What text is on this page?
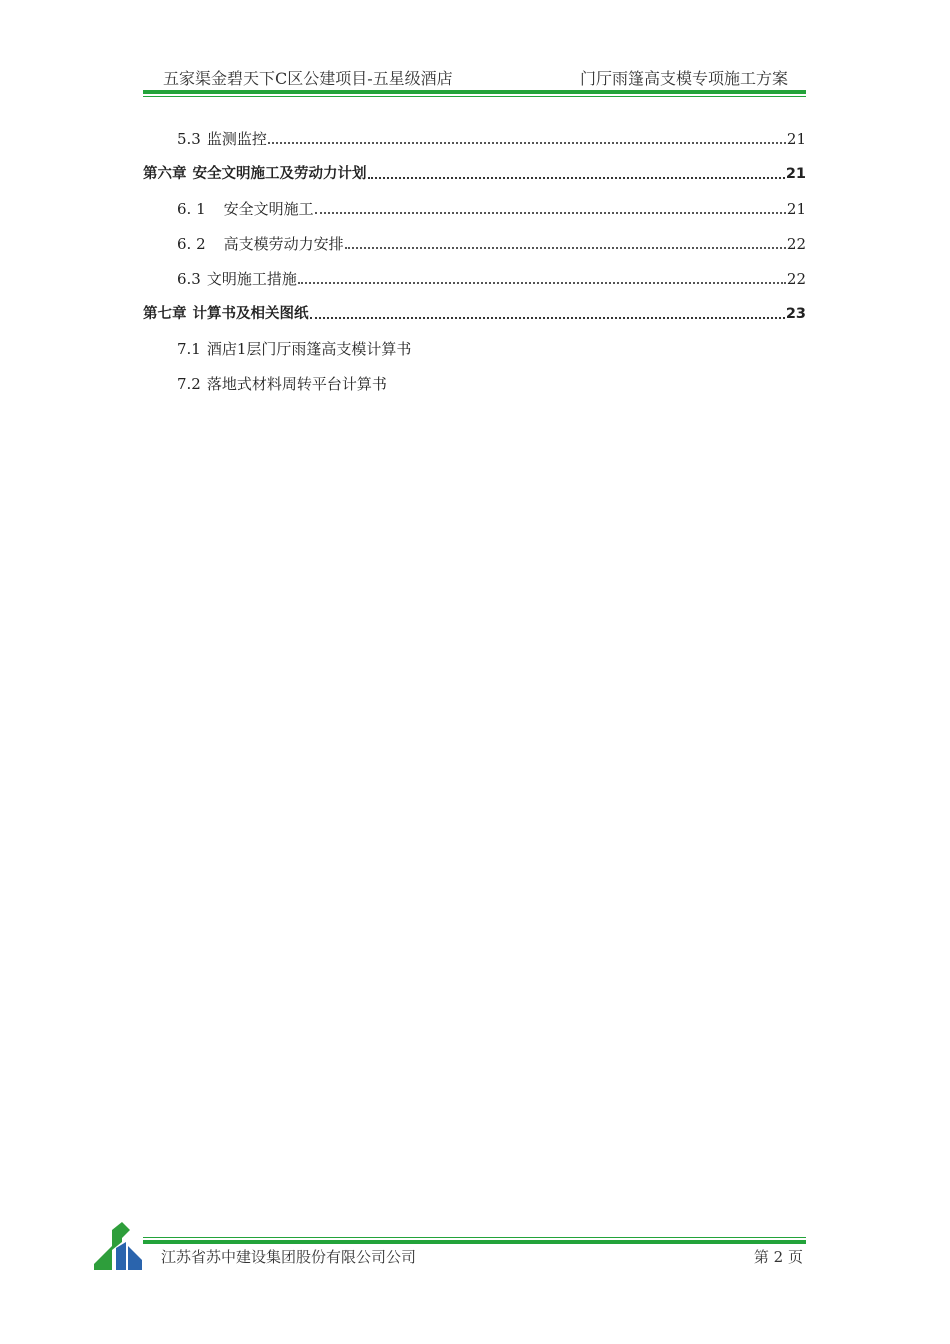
五家渠金碧天下C区公建项目-五星级酒店	门厅雨篷高支模专项施工方案
5.3 监测监控	21
第六章 安全文明施工及劳动力计划	21
6. 1 安全文明施工	21
6. 2 高支模劳动力安排	22
6.3 文明施工措施	22
第七章 计算书及相关图纸	23
7.1 酒店1层门厅雨篷高支模计算书
7.2 落地式材料周转平台计算书
江苏省苏中建设集团股份有限公司公司	第 2 页
